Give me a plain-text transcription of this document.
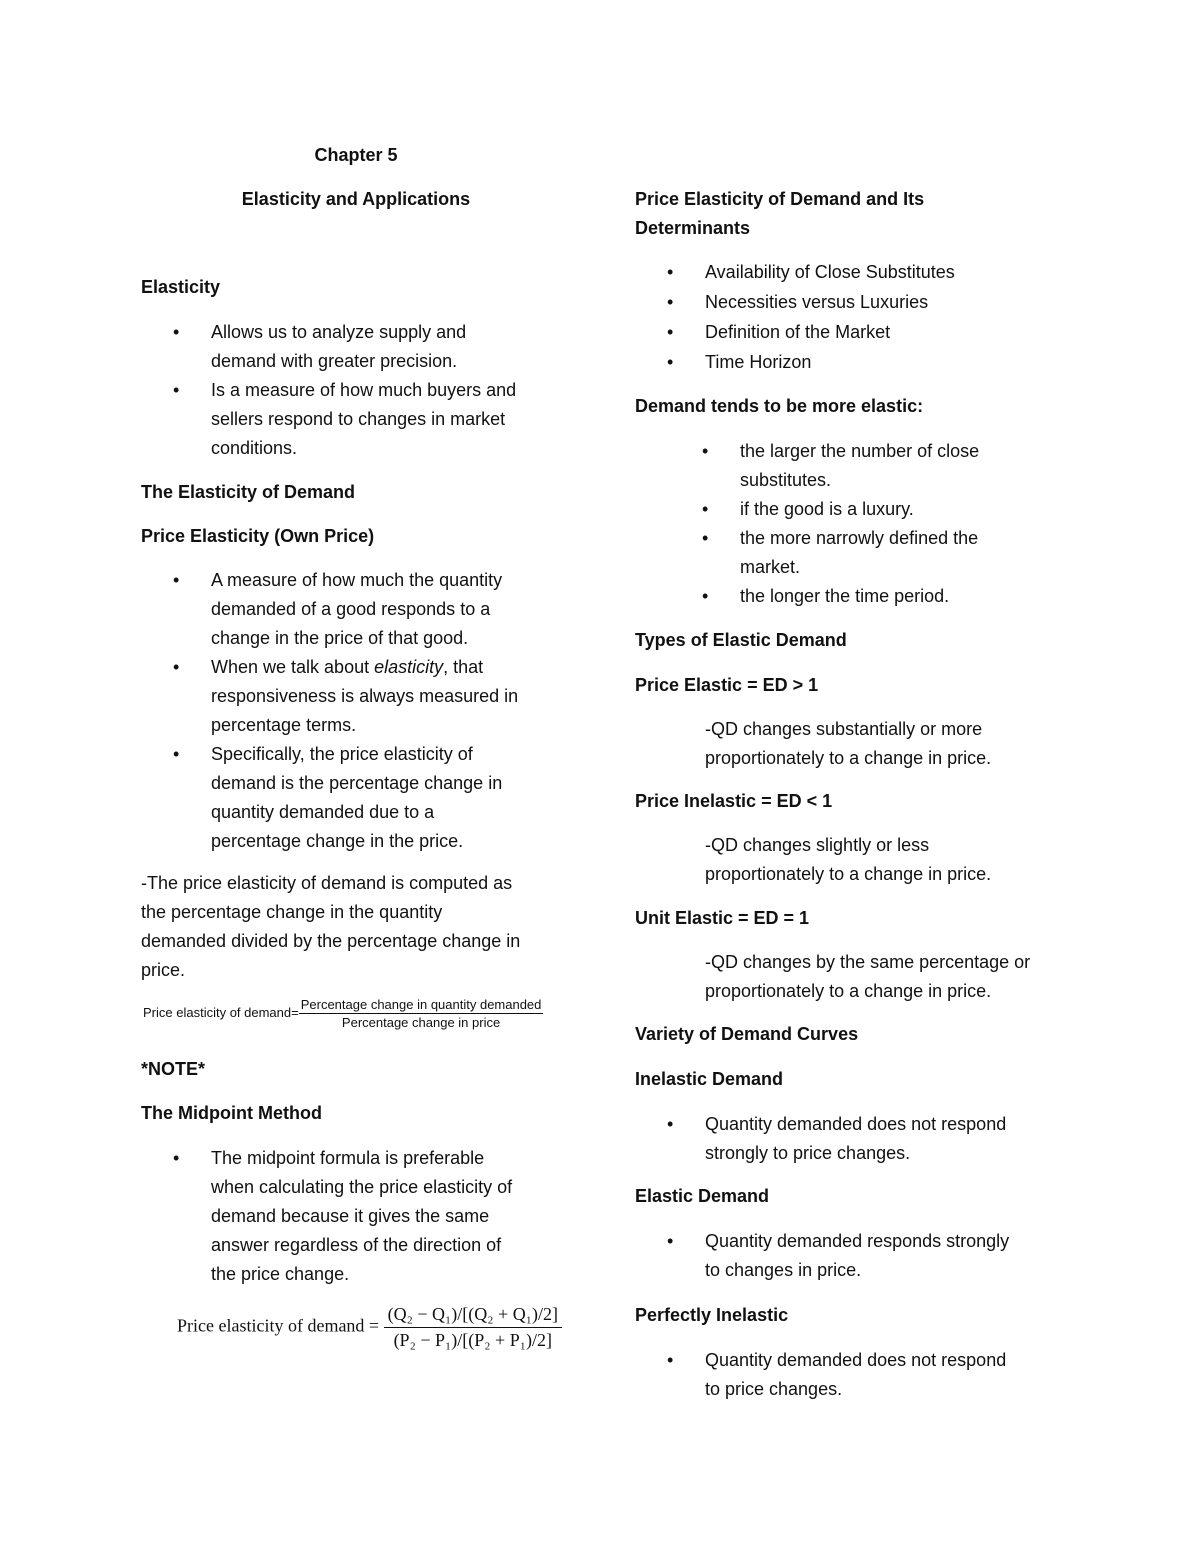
Chapter 5
Elasticity and Applications
Elasticity
• Allows us to analyze supply and
demand with greater precision.
• Is a measure of how much buyers and
sellers respond to changes in market
conditions.
The Elasticity of Demand
Price Elasticity (Own Price)
• A measure of how much the quantity
demanded of a good responds to a
change in the price of that good.
• When we talk about elasticity, that
responsiveness is always measured in
percentage terms.
• Specifically, the price elasticity of
demand is the percentage change in
quantity demanded due to a
percentage change in the price.
-The price elasticity of demand is computed as
the percentage change in the quantity
demanded divided by the percentage change in
price.
Price elasticity of demand= $\frac{\text{Percentage change in quantity demanded}}{\text{Percentage change in price}}$
*NOTE*
The Midpoint Method
• The midpoint formula is preferable
when calculating the price elasticity of
demand because it gives the same
answer regardless of the direction of
the price change.
Price elasticity of demand = $\frac{\text{(Q₂ − Q₁)/[(Q₂ + Q₁)/2]}}{\text{(P₂ − P₁)/[(P₂ + P₁)/2]}}$
Price Elasticity of Demand and Its
Determinants
• Availability of Close Substitutes
• Necessities versus Luxuries
• Definition of the Market
• Time Horizon
Demand tends to be more elastic:
• the larger the number of close
substitutes.
• if the good is a luxury.
• the more narrowly defined the
market.
• the longer the time period.
Types of Elastic Demand
Price Elastic = ED > 1
-QD changes substantially or more
proportionately to a change in price.
Price Inelastic = ED < 1
-QD changes slightly or less
proportionately to a change in price.
Unit Elastic = ED = 1
-QD changes by the same percentage or
proportionately to a change in price.
Variety of Demand Curves
Inelastic Demand
• Quantity demanded does not respond
strongly to price changes.
Elastic Demand
• Quantity demanded responds strongly
to changes in price.
Perfectly Inelastic
• Quantity demanded does not respond
to price changes.
